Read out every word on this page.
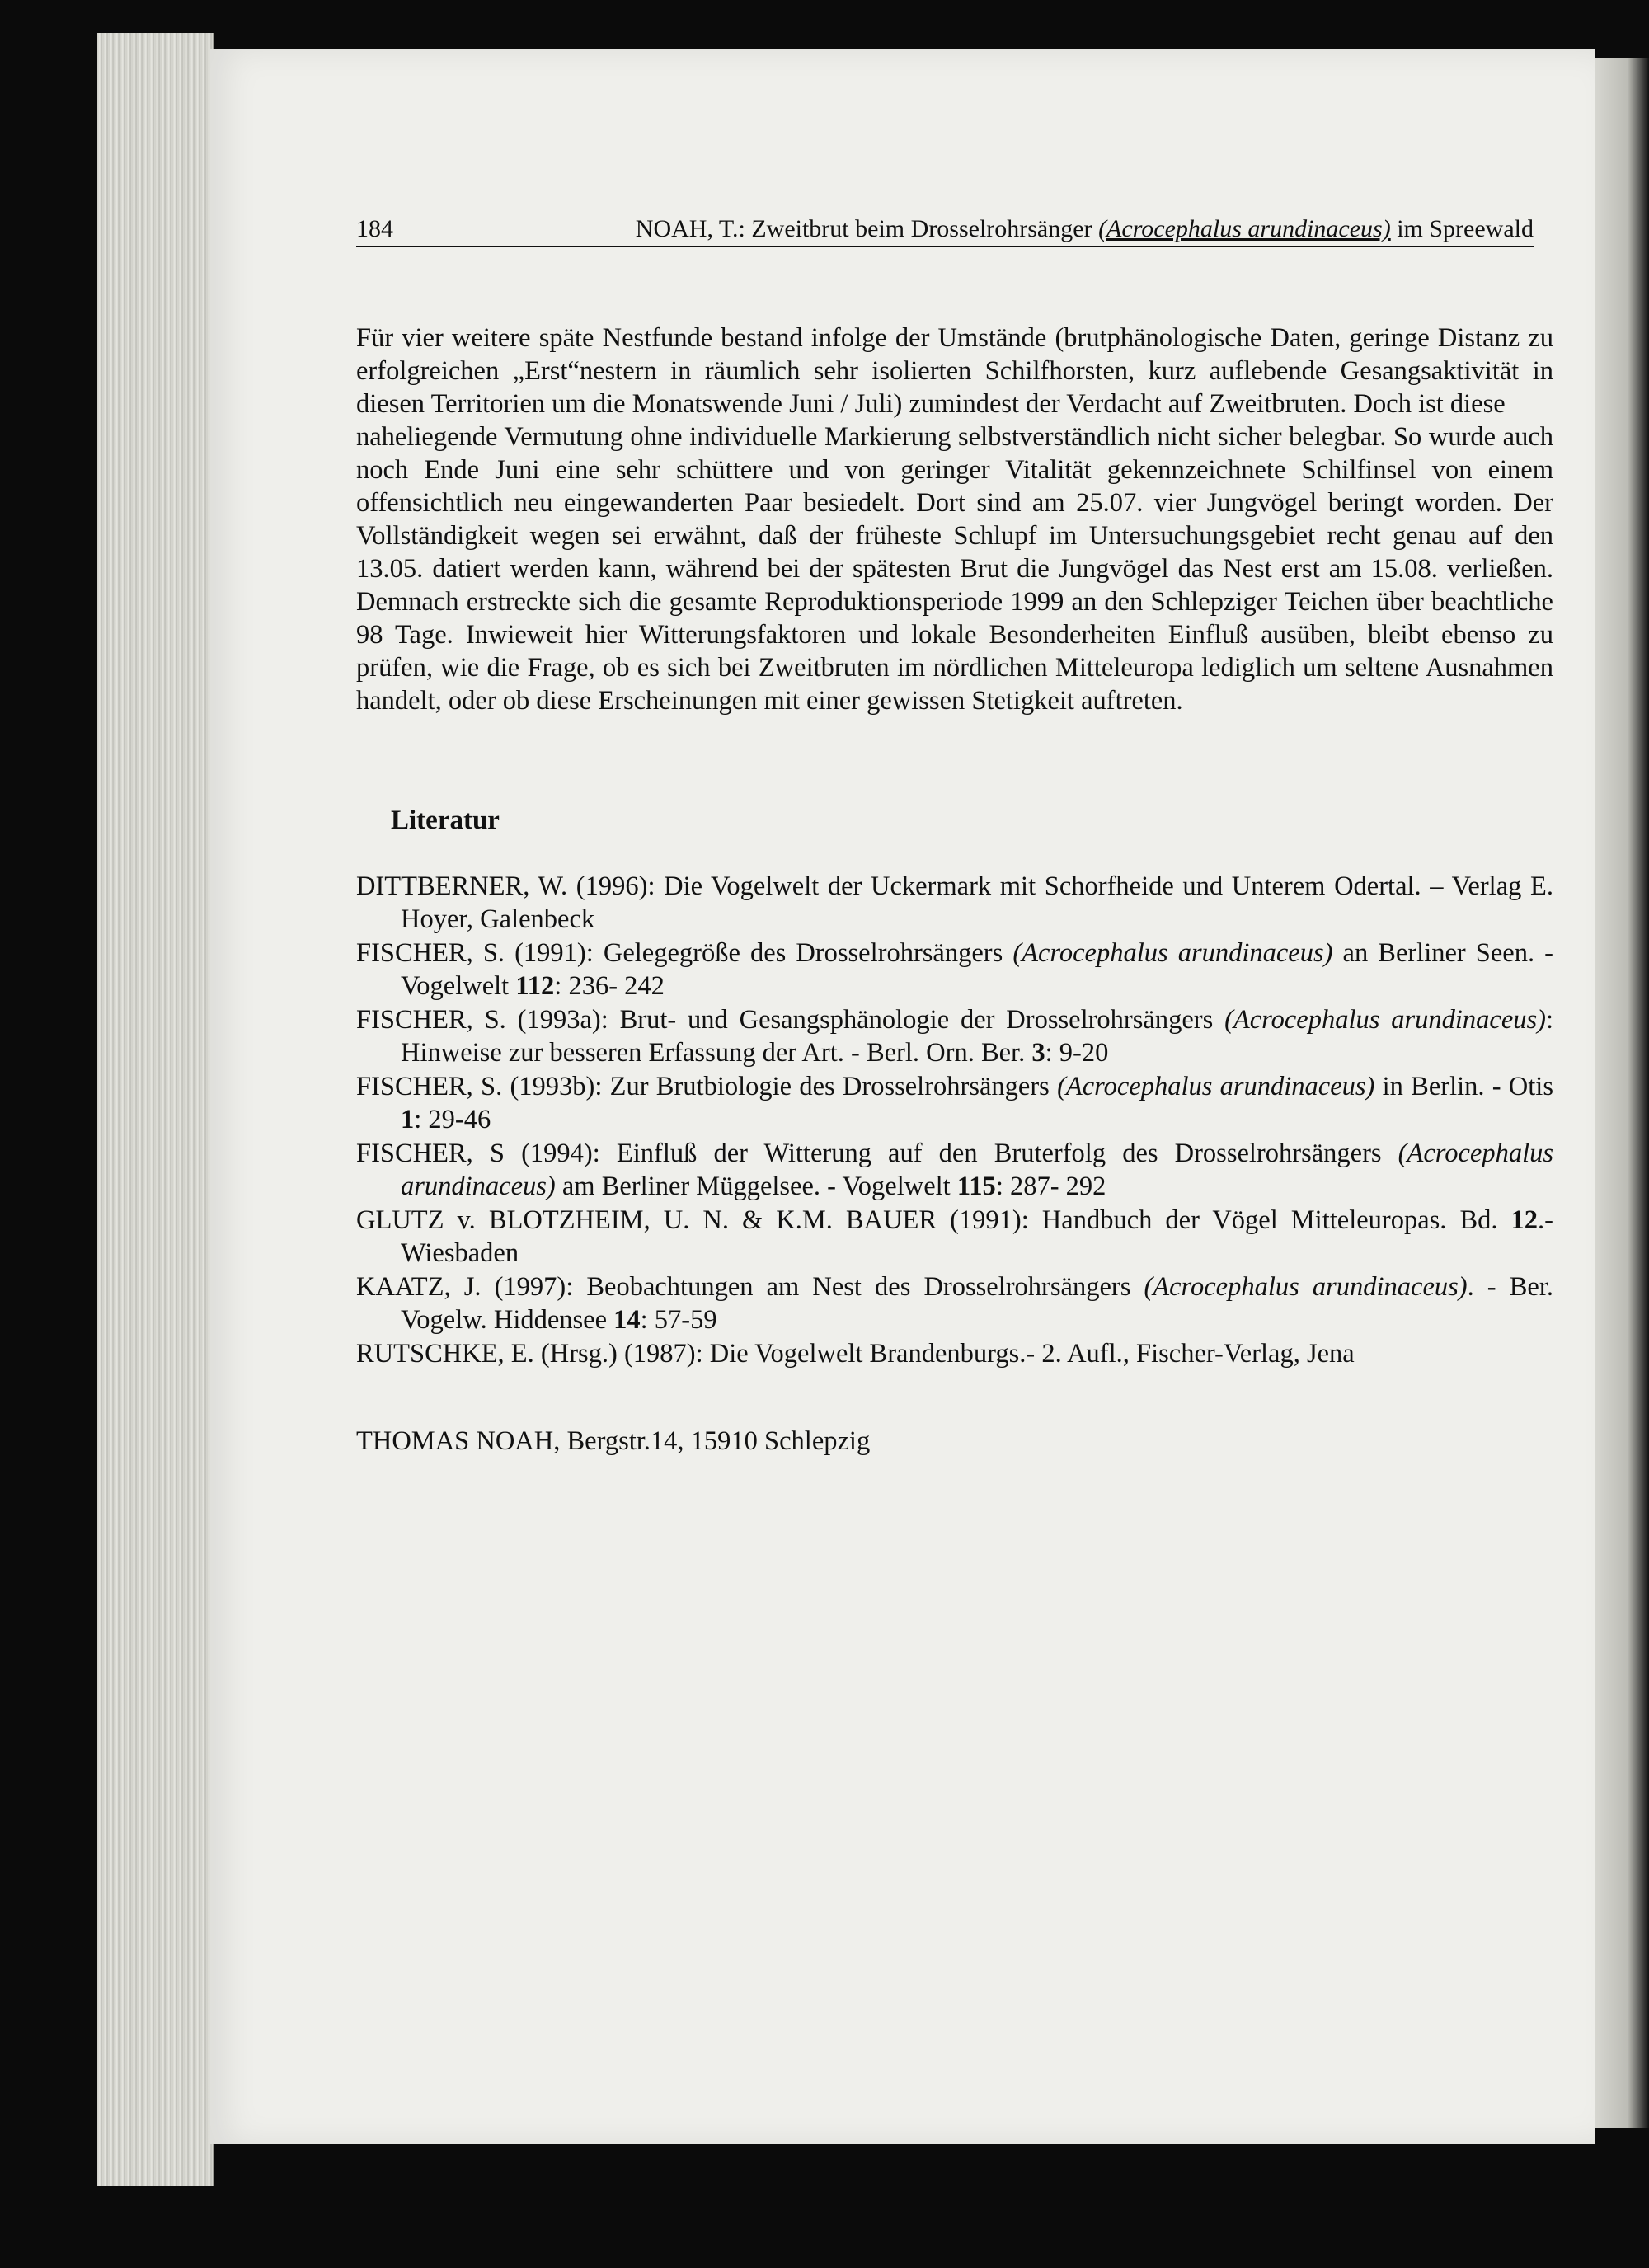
184	NOAH, T.: Zweitbrut beim Drosselrohrsänger (Acrocephalus arundinaceus) im Spreewald

Für vier weitere späte Nestfunde bestand infolge der Umstände (brutphänologische Daten, geringe Distanz zu erfolgreichen „Erst“nestern in räumlich sehr isolierten Schilfhorsten, kurz auflebende Gesangsaktivität in diesen Territorien um die Monatswende Juni / Juli) zumindest der Verdacht auf Zweitbruten. Doch ist diese

naheliegende Vermutung ohne individuelle Markierung selbstverständlich nicht sicher belegbar. So wurde auch noch Ende Juni eine sehr schüttere und von geringer Vitalität gekennzeichnete Schilfinsel von einem offensichtlich neu eingewanderten Paar besiedelt. Dort sind am 25.07. vier Jungvögel beringt worden. Der Vollständigkeit wegen sei erwähnt, daß der früheste Schlupf im Untersuchungsgebiet recht genau auf den 13.05. datiert werden kann, während bei der spätesten Brut die Jungvögel das Nest erst am 15.08. verließen. Demnach erstreckte sich die gesamte Reproduktionsperiode 1999 an den Schlepziger Teichen über beachtliche 98 Tage. Inwieweit hier Witterungsfaktoren und lokale Besonderheiten Einfluß ausüben, bleibt ebenso zu prüfen, wie die Frage, ob es sich bei Zweitbruten im nördlichen Mitteleuropa lediglich um seltene Ausnahmen handelt, oder ob diese Erscheinungen mit einer gewissen Stetigkeit auftreten.

Literatur

DITTBERNER, W. (1996): Die Vogelwelt der Uckermark mit Schorfheide und Unterem Odertal. – Verlag E. Hoyer, Galenbeck

FISCHER, S. (1991): Gelegegröße des Drosselrohrsängers (Acrocephalus arundinaceus) an Berliner Seen. - Vogelwelt 112: 236- 242

FISCHER, S. (1993a): Brut- und Gesangsphänologie der Drosselrohrsängers (Acrocephalus arundinaceus): Hinweise zur besseren Erfassung der Art. - Berl. Orn. Ber. 3: 9-20

FISCHER, S. (1993b): Zur Brutbiologie des Drosselrohrsängers (Acrocephalus arundinaceus) in Berlin. - Otis 1: 29-46

FISCHER, S (1994): Einfluß der Witterung auf den Bruterfolg des Drosselrohrsängers (Acrocephalus arundinaceus) am Berliner Müggelsee. - Vogelwelt 115: 287- 292

GLUTZ v. BLOTZHEIM, U. N. & K.M. BAUER (1991): Handbuch der Vögel Mitteleuropas. Bd. 12.- Wiesbaden

KAATZ, J. (1997): Beobachtungen am Nest des Drosselrohrsängers (Acrocephalus arundinaceus). - Ber. Vogelw. Hiddensee 14: 57-59

RUTSCHKE, E. (Hrsg.) (1987): Die Vogelwelt Brandenburgs.- 2. Aufl., Fischer-Verlag, Jena

THOMAS NOAH, Bergstr.14, 15910 Schlepzig
